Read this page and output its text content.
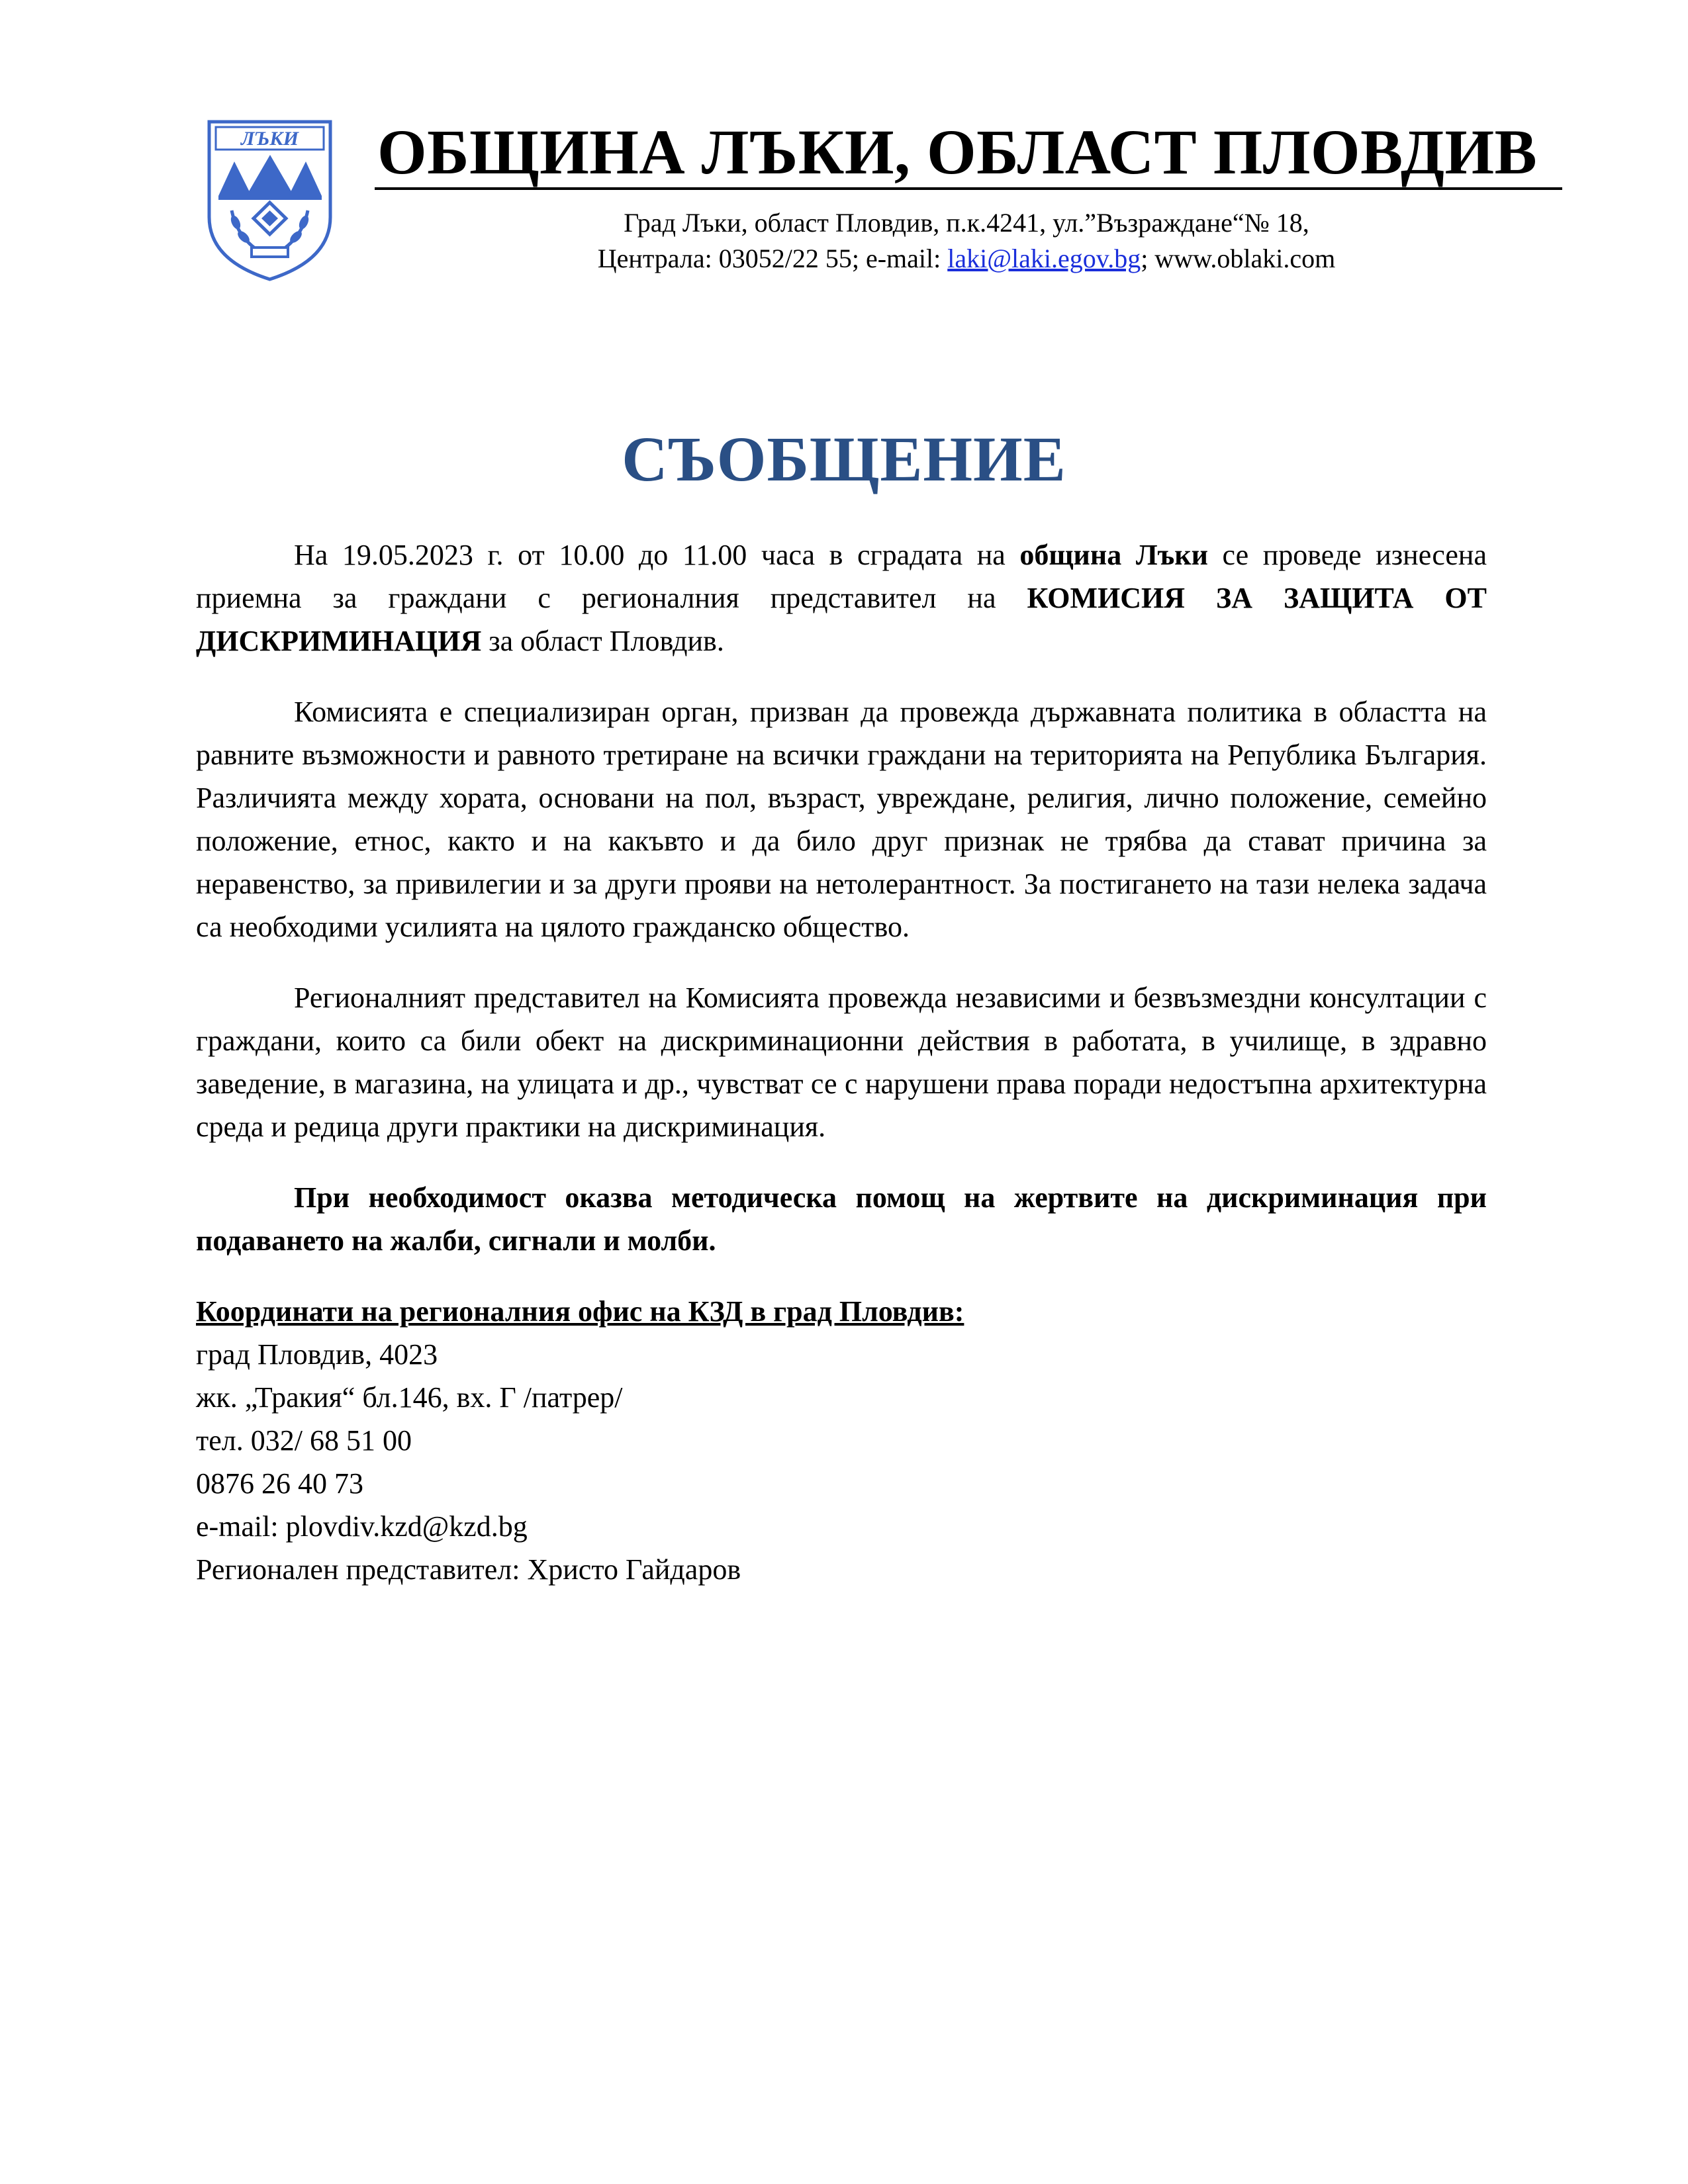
ЛЪКИ ОБЩИНА ЛЪКИ, ОБЛАСТ ПЛОВДИВ
Град Лъки, област Пловдив, п.к.4241, ул.”Възраждане“№ 18,
Централа: 03052/22 55; e-mail: laki@laki.egov.bg; www.oblaki.com
СЪОБЩЕНИЕ

На 19.05.2023 г. от 10.00 до 11.00 часа в сградата на община Лъки се проведе изнесена приемна за граждани с регионалния представител на КОМИСИЯ ЗА ЗАЩИТА ОТ ДИСКРИМИНАЦИЯ за област Пловдив.

Комисията е специализиран орган, призван да провежда държавната политика в областта на равните възможности и равното третиране на всички граждани на територията на Република България. Различията между хората, основани на пол, възраст, увреждане, религия, лично положение, семейно положение, етнос, както и на какъвто и да било друг признак не трябва да стават причина за неравенство, за привилегии и за други прояви на нетолерантност. За постигането на тази нелека задача са необходими усилията на цялото гражданско общество.

Регионалният представител на Комисията провежда независими и безвъзмездни консултации с граждани, които са били обект на дискриминационни действия в работата, в училище, в здравно заведение, в магазина, на улицата и др., чувстват се с нарушени права поради недостъпна архитектурна среда и редица други практики на дискриминация.

При необходимост оказва методическа помощ на жертвите на дискриминация при подаването на жалби, сигнали и молби.

Координати на регионалния офис на КЗД в град Пловдив:

град Пловдив, 4023

жк. „Тракия“ бл.146, вх. Г /патрер/

тел. 032/ 68 51 00

0876 26 40 73

e-mail: plovdiv.kzd@kzd.bg

Регионален представител: Христо Гайдаров
